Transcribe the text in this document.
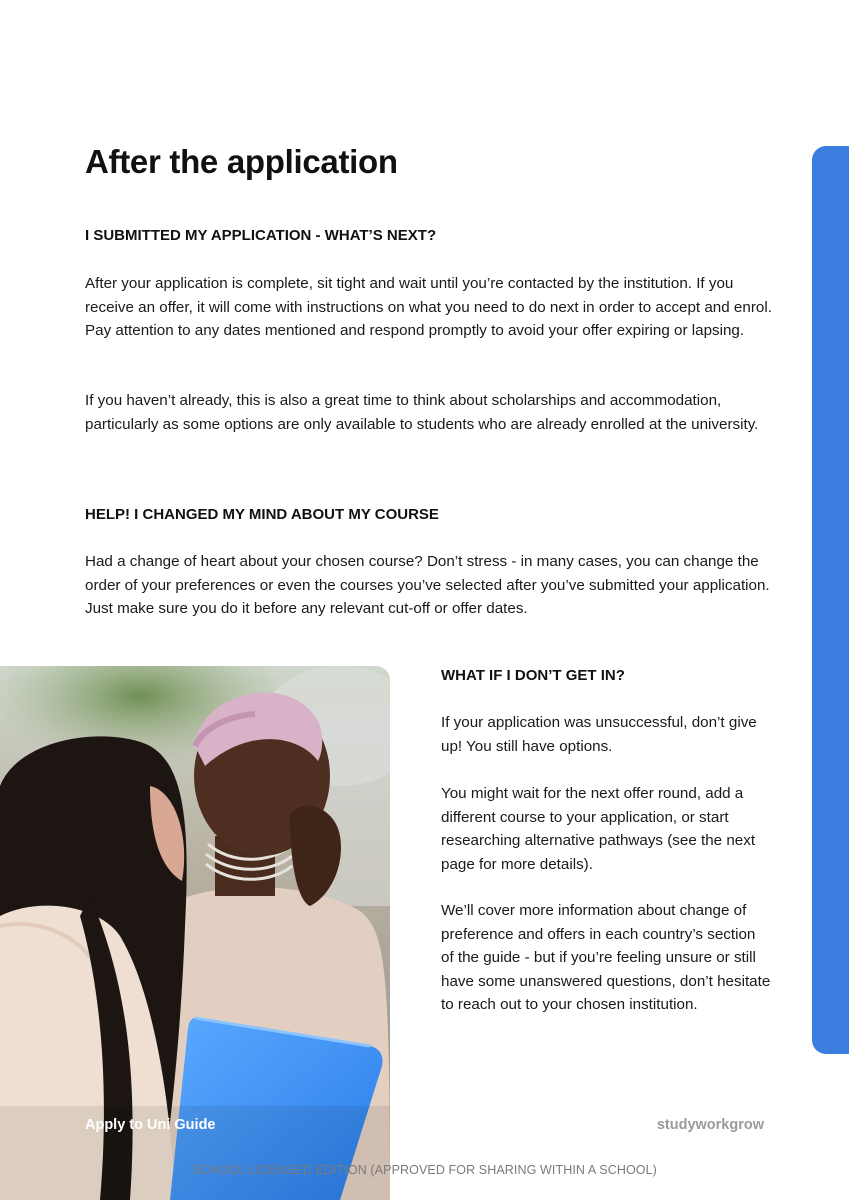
After the application
I SUBMITTED MY APPLICATION - WHAT’S NEXT?

After your application is complete, sit tight and wait until you’re contacted by the institution. If you receive an offer, it will come with instructions on what you need to do next in order to accept and enrol. Pay attention to any dates mentioned and respond promptly to avoid your offer expiring or lapsing.

If you haven’t already, this is also a great time to think about scholarships and accommodation, particularly as some options are only available to students who are already enrolled at the university.

HELP! I CHANGED MY MIND ABOUT MY COURSE

Had a change of heart about your chosen course? Don’t stress - in many cases, you can change the order of your preferences or even the courses you’ve selected after you’ve submitted your application. Just make sure you do it before any relevant cut-off or offer dates.

WHAT IF I DON’T GET IN?

If your application was unsuccessful, don’t give up! You still have options.

You might wait for the next offer round, add a different course to your application, or start researching alternative pathways (see the next page for more details).

We’ll cover more information about change of preference and offers in each country’s section of the guide - but if you’re feeling unsure or still have some unanswered questions, don’t hesitate to reach out to your chosen institution.

Apply to Uni Guide	studyworkgrow
SCHOOL LICENSED EDITION (APPROVED FOR SHARING WITHIN A SCHOOL)
